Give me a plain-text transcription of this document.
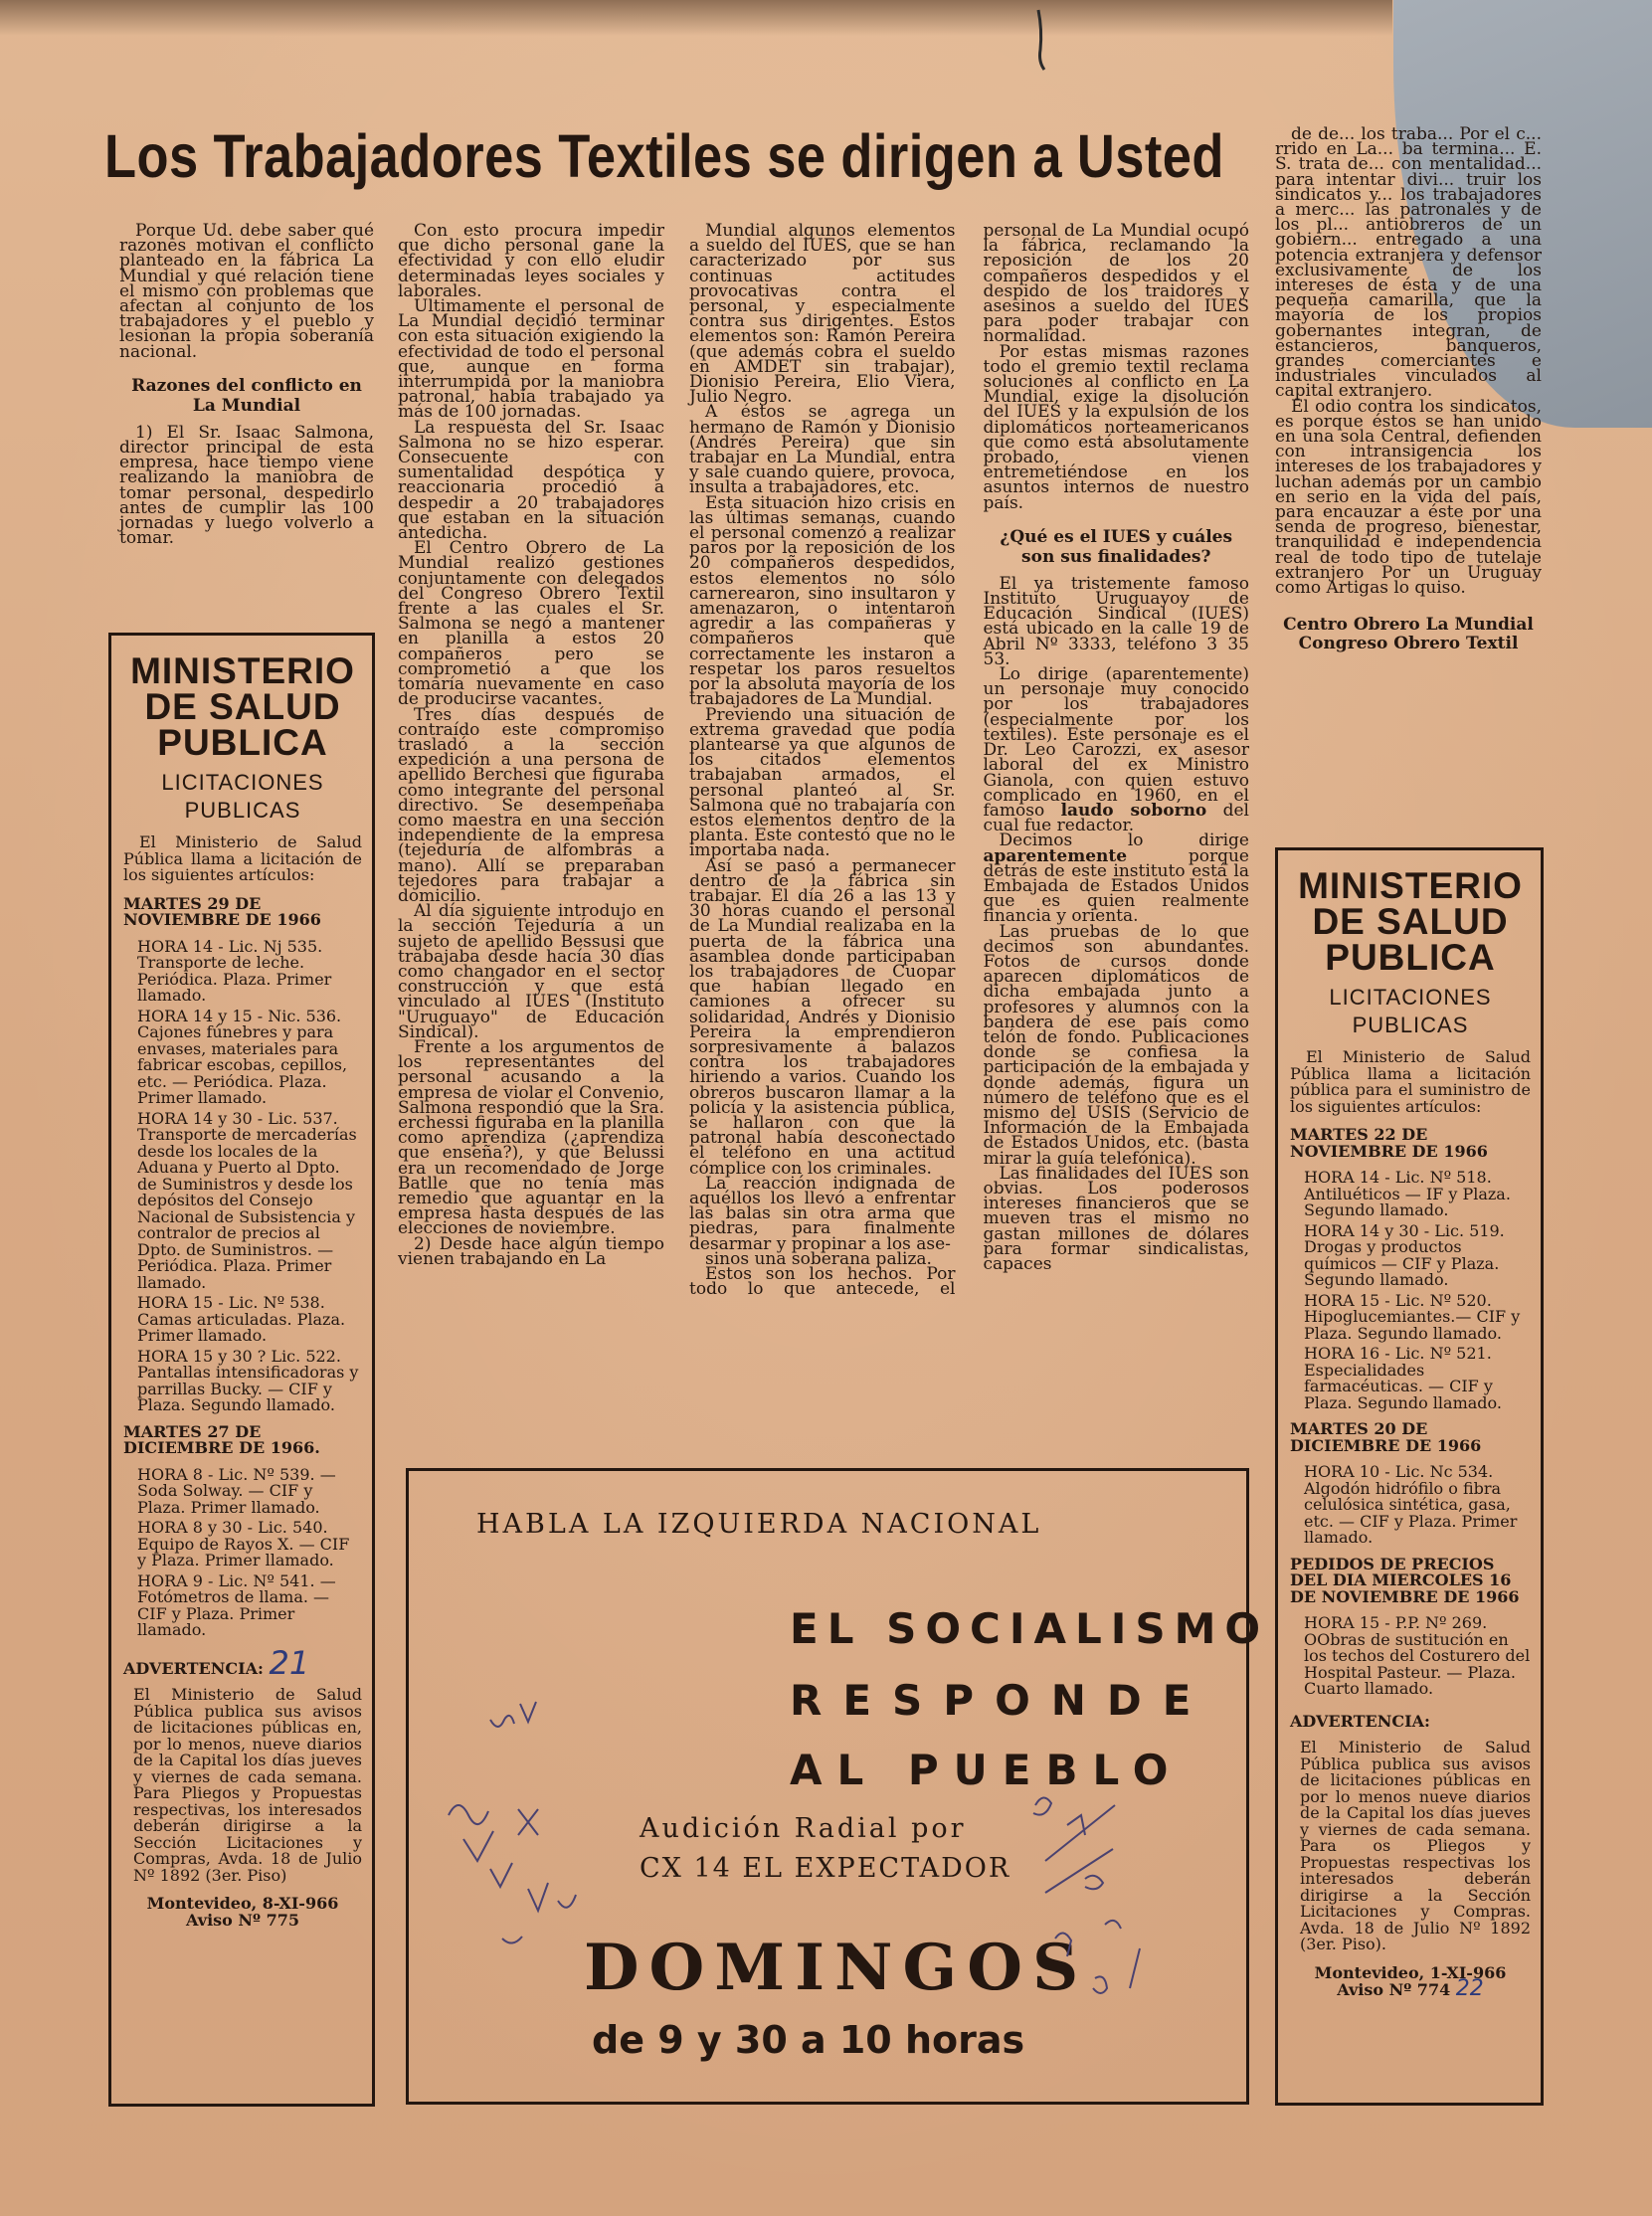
Los Trabajadores Textiles se dirigen a Usted

Porque Ud. debe saber qué razones motivan el conflicto planteado en la fábrica La Mundial y qué relación tiene el mismo con problemas que afectan al conjunto de los trabajadores y el pueblo y lesionan la propia soberanía nacional.

Razones del conflicto en La Mundial

1) El Sr. Isaac Salmona, director principal de esta empresa, hace tiempo viene realizando la maniobra de tomar personal, despedirlo antes de cumplir las 100 jornadas y luego volverlo a tomar.

Con esto procura impedir que dicho personal gane la efectividad y con ello eludir determinadas leyes sociales y laborales.

Ultimamente el personal de La Mundial decidió terminar con esta situación exigiendo la efectividad de todo el personal que, aunque en forma interrumpida por la maniobra patronal, había trabajado ya más de 100 jornadas.

La respuesta del Sr. Isaac Salmona no se hizo esperar. Consecuente con sumentalidad despótica y reaccionaria procedió a despedir a 20 trabajadores que estaban en la situación antedicha.

El Centro Obrero de La Mundial realizó gestiones conjuntamente con delegados del Congreso Obrero Textil frente a las cuales el Sr. Salmona se negó a mantener en planilla a estos 20 compañeros pero se comprometió a que los tomaría nuevamente en caso de producirse vacantes.

Tres días después de contraído este compromiso trasladó a la sección expedición a una persona de apellido Berchesi que figuraba como integrante del personal directivo. Se desempeñaba como maestra en una sección independiente de la empresa (tejeduría de alfombras a mano). Allí se preparaban tejedores para trabajar a domicilio.

Al día siguiente introdujo en la sección Tejeduría a un sujeto de apellido Bessusi que trabajaba desde hacía 30 días como changador en el sector construcción y que está vinculado al IUES (Instituto "Uruguayo" de Educación Sindical).

Frente a los argumentos de los representantes del personal acusando a la empresa de violar el Convenio, Salmona respondió que la Sra. erchessi figuraba en la planilla como aprendiza (¿aprendiza que enseña?), y que Belussi era un recomendado de Jorge Batlle que no tenía más remedio que aguantar en la empresa hasta después de las elecciones de noviembre.

2) Desde hace algún tiempo vienen trabajando en La

Mundial algunos elementos a sueldo del IUES, que se han caracterizado por sus continuas actitudes provocativas contra el personal, y especialmente contra sus dirigentes. Estos elementos son: Ramón Pereira (que además cobra el sueldo en AMDET sin trabajar), Dionisio Pereira, Elio Viera, Julio Negro.

A éstos se agrega un hermano de Ramón y Dionisio (Andrés Pereira) que sin trabajar en La Mundial, entra y sale cuando quiere, provoca, insulta a trabajadores, etc.

Esta situación hizo crisis en las últimas semanas, cuando el personal comenzó a realizar paros por la reposición de los 20 compañeros despedidos, estos elementos no sólo carnerearon, sino insultaron y amenazaron, o intentaron agredir a las compañeras y compañeros que correctamente les instaron a respetar los paros resueltos por la absoluta mayoría de los trabajadores de La Mundial.

Previendo una situación de extrema gravedad que podía plantearse ya que algunos de los citados elementos trabajaban armados, el personal planteó al Sr. Salmona que no trabajaría con estos elementos dentro de la planta. Este contestó que no le importaba nada.

Así se pasó a permanecer dentro de la fábrica sin trabajar. El día 26 a las 13 y 30 horas cuando el personal de La Mundial realizaba en la puerta de la fábrica una asamblea donde participaban los trabajadores de Cuopar que habían llegado en camiones a ofrecer su solidaridad, Andrés y Dionisio Pereira la emprendieron sorpresivamente a balazos contra los trabajadores hiriendo a varios. Cuando los obreros buscaron llamar a la policía y la asistencia pública, se hallaron con que la patronal había desconectado el teléfono en una actitud cómplice con los criminales.

La reacción indignada de aquéllos los llevó a enfrentar las balas sin otra arma que piedras, para finalmente desarmar y propinar a los ase-

sinos una soberana paliza.

Estos son los hechos. Por todo lo que antecede, el personal de La Mundial ocupó la fábrica, reclamando la reposición de los 20 compañeros despedidos y el despido de los traidores y asesinos a sueldo del IUES para poder trabajar con normalidad.

Por estas mismas razones todo el gremio textil reclama soluciones al conflicto en La Mundial, exige la disolución del IUES y la expulsión de los diplomáticos norteamericanos que como está absolutamente probado, vienen entremetiéndose en los asuntos internos de nuestro país.

¿Qué es el IUES y cuáles son sus finalidades?

El ya tristemente famoso Instituto Uruguayoy de Educación Sindical (IUES) está ubicado en la calle 19 de Abril Nº 3333, teléfono 3 35 53.

Lo dirige (aparentemente) un personaje muy conocido por los trabajadores (especialmente por los textiles). Este personaje es el Dr. Leo Carozzi, ex asesor laboral del ex Ministro Gianola, con quien estuvo complicado en 1960, en el famoso laudo soborno del cual fue redactor.

Decimos lo dirige aparentemente porque detrás de este instituto está la Embajada de Estados Unidos que es quien realmente financia y orienta.

Las pruebas de lo que decimos son abundantes. Fotos de cursos donde aparecen diplomáticos de dicha embajada junto a profesores y alumnos con la bandera de ese país como telón de fondo. Publicaciones donde se confiesa la participación de la embajada y donde además, figura un número de teléfono que es el mismo del USIS (Servicio de Información de la Embajada de Estados Unidos, etc. (basta mirar la guía telefónica).

Las finalidades del IUES son obvias. Los poderosos intereses financieros que se mueven tras el mismo no gastan millones de dólares para formar sindicalistas, capaces

de de... los traba... Por el c... rrido en La... ba termina... E. S. trata de... con mentalidad... para intentar divi... truir los sindicatos y... los trabajadores a merc... las patronales y de los pl... antiobreros de un gobiern... entregado a una potencia extranjera y defensor exclusivamente de los intereses de ésta y de una pequeña camarilla, que la mayoría de los propios gobernantes integran, de estancieros, banqueros, grandes comerciantes e industriales vinculados al capital extranjero.

El odio contra los sindicatos, es porque éstos se han unido en una sola Central, defienden con intransigencia los intereses de los trabajadores y luchan además por un cambio en serio en la vida del país, para encauzar a éste por una senda de progreso, bienestar, tranquilidad e independencia real de todo tipo de tutelaje extranjero Por un Uruguay como Artigas lo quiso.

Centro Obrero La Mundial Congreso Obrero Textil

MINISTERIO DE SALUD PUBLICA
LICITACIONES PUBLICAS

El Ministerio de Salud Pública llama a licitación de los siguientes artículos:

MARTES 29 DE NOVIEMBRE DE 1966

HORA 14 - Lic. Nj 535. Transporte de leche. Periódica. Plaza. Primer llamado.

HORA 14 y 15 - Nic. 536. Cajones fúnebres y para envases, materiales para fabricar escobas, cepillos, etc. — Periódica. Plaza. Primer llamado.

HORA 14 y 30 - Lic. 537. Transporte de mercaderías desde los locales de la Aduana y Puerto al Dpto. de Suministros y desde los depósitos del Consejo Nacional de Subsistencia y contralor de precios al Dpto. de Suministros. — Periódica. Plaza. Primer llamado.

HORA 15 - Lic. Nº 538. Camas articuladas. Plaza. Primer llamado.

HORA 15 y 30 ? Lic. 522. Pantallas intensificadoras y parrillas Bucky. — CIF y Plaza. Segundo llamado.

MARTES 27 DE DICIEMBRE DE 1966.

HORA 8 - Lic. Nº 539. — Soda Solway. — CIF y Plaza. Primer llamado.

HORA 8 y 30 - Lic. 540. Equipo de Rayos X. — CIF y Plaza. Primer llamado.

HORA 9 - Lic. Nº 541. — Fotómetros de llama. — CIF y Plaza. Primer llamado.

ADVERTENCIA: 21

El Ministerio de Salud Pública publica sus avisos de licitaciones públicas en, por lo menos, nueve diarios de la Capital los días jueves y viernes de cada semana. Para Pliegos y Propuestas respectivas, los interesados deberán dirigirse a la Sección Licitaciones y Compras, Avda. 18 de Julio Nº 1892 (3er. Piso)

Montevideo, 8-XI-966
Aviso Nº 775
MINISTERIO DE SALUD PUBLICA
LICITACIONES PUBLICAS

El Ministerio de Salud Pública llama a licitación pública para el suministro de los siguientes artículos:

MARTES 22 DE NOVIEMBRE DE 1966

HORA 14 - Lic. Nº 518. Antiluéticos — IF y Plaza. Segundo llamado.

HORA 14 y 30 - Lic. 519. Drogas y productos químicos — CIF y Plaza. Segundo llamado.

HORA 15 - Lic. Nº 520. Hipoglucemiantes.— CIF y Plaza. Segundo llamado.

HORA 16 - Lic. Nº 521. Especialidades farmacéuticas. — CIF y Plaza. Segundo llamado.

MARTES 20 DE DICIEMBRE DE 1966

HORA 10 - Lic. Nc 534. Algodón hidrófilo o fibra celulósica sintética, gasa, etc. — CIF y Plaza. Primer llamado.

PEDIDOS DE PRECIOS DEL DIA MIERCOLES 16 DE NOVIEMBRE DE 1966

HORA 15 - P.P. Nº 269. OObras de sustitución en los techos del Costurero del Hospital Pasteur. — Plaza. Cuarto llamado.

ADVERTENCIA:

El Ministerio de Salud Pública publica sus avisos de licitaciones públicas en por lo menos nueve diarios de la Capital los días jueves y viernes de cada semana. Para os Pliegos y Propuestas respectivas los interesados deberán dirigirse a la Sección Licitaciones y Compras. Avda. 18 de Julio Nº 1892 (3er. Piso).

Montevideo, 1-XI-966
Aviso Nº 774 22
HABLA LA IZQUIERDA NACIONAL
EL SOCIALISMO
RESPONDE
AL PUEBLO
Audición Radial por
CX 14 EL EXPECTADOR
DOMINGOS
de 9 y 30 a 10 horas
